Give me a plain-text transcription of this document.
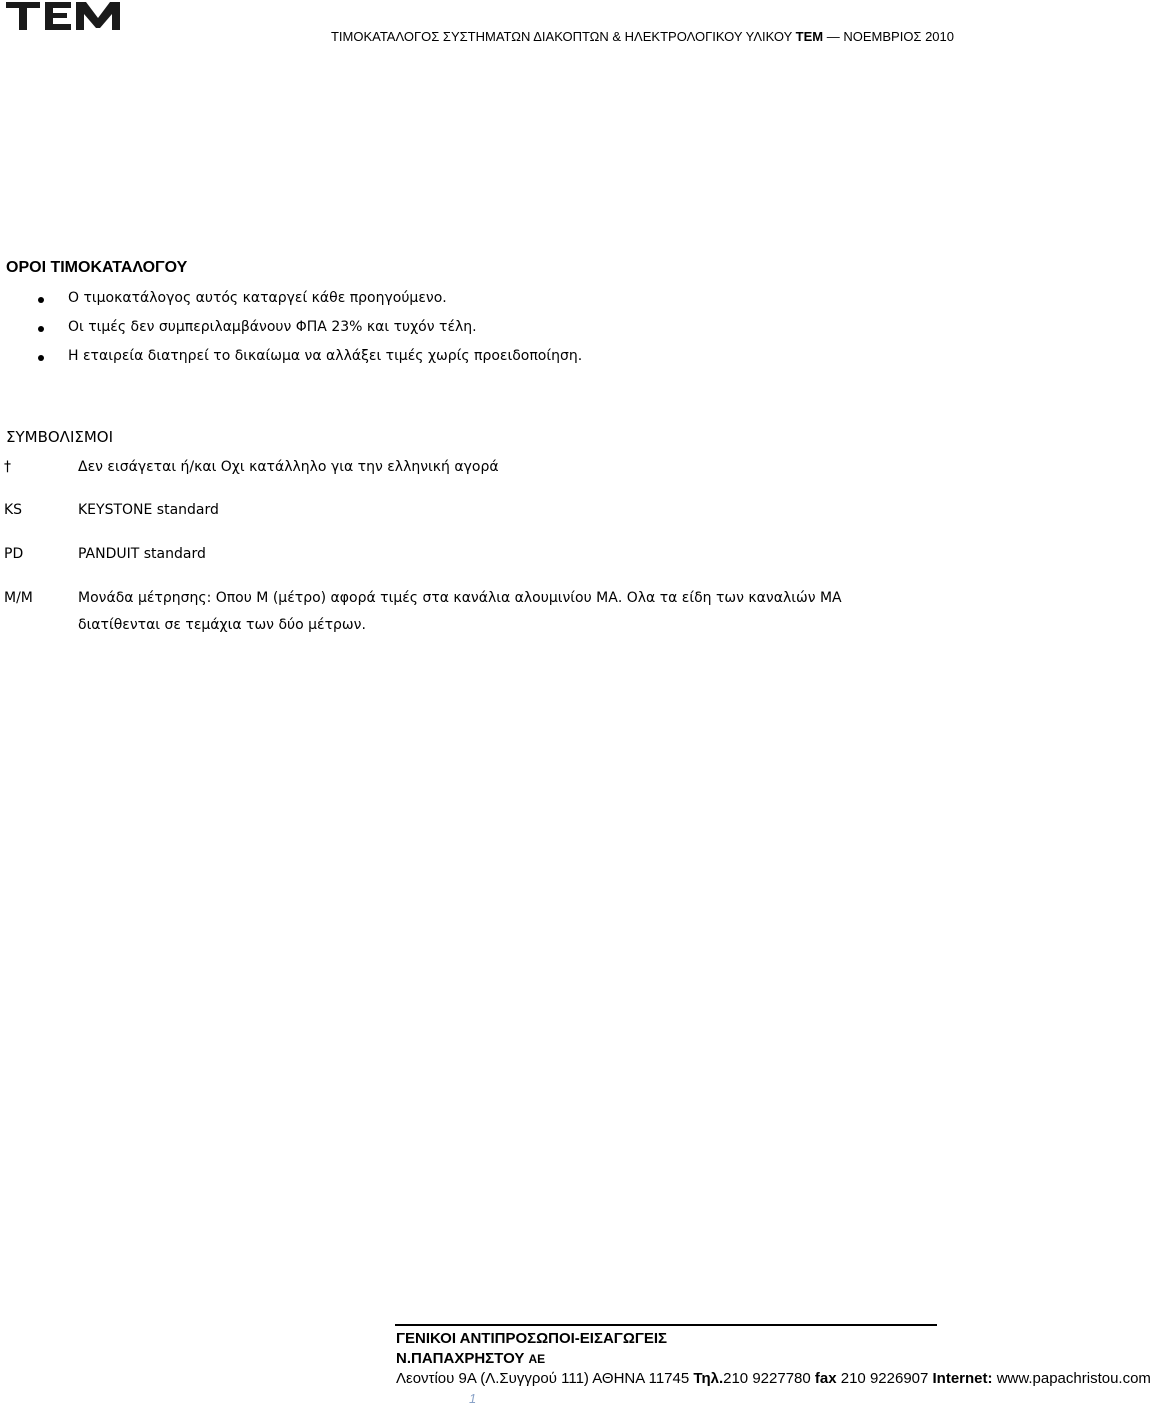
ΤΙΜΟΚΑΤΑΛΟΓΟΣ ΣΥΣΤΗΜΑΤΩΝ ΔΙΑΚΟΠΤΩΝ & ΗΛΕΚΤΡΟΛΟΓΙΚΟΥ ΥΛΙΚΟΥ TEM — ΝΟΕΜΒΡΙΟΣ 2010
ΟΡΟΙ ΤΙΜΟΚΑΤΑΛΟΓΟΥ
Ο τιμοκατάλογος αυτός καταργεί κάθε προηγούμενο.
Οι τιμές δεν συμπεριλαμβάνουν ΦΠΑ 23% και τυχόν τέλη.
Η εταιρεία διατηρεί το δικαίωμα να αλλάξει τιμές χωρίς προειδοποίηση.
ΣΥΜΒΟΛΙΣΜΟΙ
†	Δεν εισάγεται ή/και Οχι κατάλληλο για την ελληνική αγορά
KS	KEYSTONE standard
PD	PANDUIT standard
M/M	Μονάδα μέτρησης: Οπου Μ (μέτρο) αφορά τιμές στα κανάλια αλουμινίου ΜΑ. Ολα τα είδη των καναλιών ΜΑ διατίθενται σε τεμάχια των δύο μέτρων.
ΓΕΝΙΚΟΙ ΑΝΤΙΠΡΟΣΩΠΟΙ-ΕΙΣΑΓΩΓΕΙΣ
Ν.ΠΑΠΑΧΡΗΣΤΟΥ ΑΕ
Λεοντίου 9Α (Λ.Συγγρού 111) ΑΘΗΝΑ 11745 Τηλ.210 9227780 fax 210 9226907 Internet: www.papachristou.com
1
